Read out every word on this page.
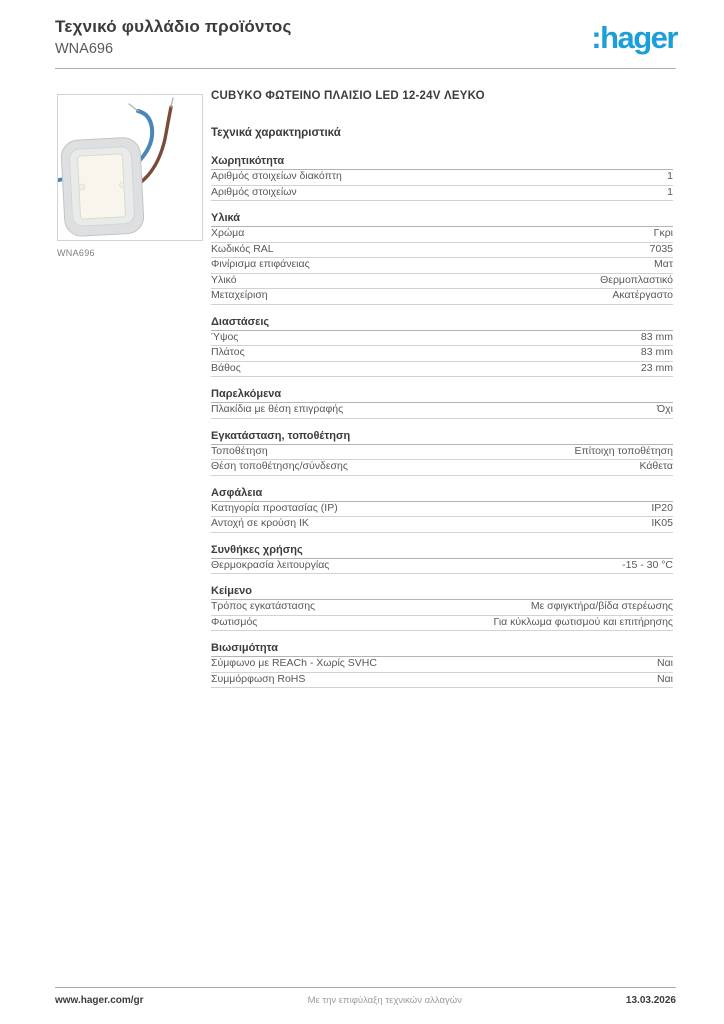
Τεχνικό φυλλάδιο προϊόντος
WNA696	:hager
WNA696
CUBYKO ΦΩΤΕΙΝΟ ΠΛΑΙΣΙΟ LED 12-24V ΛΕΥΚΟ
Τεχνικά χαρακτηριστικά
Χωρητικότητα
Αριθμός στοιχείων διακόπτη	1
Αριθμός στοιχείων	1
Υλικά
Χρώμα	Γκρι
Κωδικός RAL	7035
Φινίρισμα επιφάνειας	Ματ
Υλικό	Θερμοπλαστικό
Μεταχείριση	Ακατέργαστο
Διαστάσεις
Ύψος	83 mm
Πλάτος	83 mm
Βάθος	23 mm
Παρελκόμενα
Πλακίδια με θέση επιγραφής	Όχι
Εγκατάσταση, τοποθέτηση
Τοποθέτηση	Επίτοιχη τοποθέτηση
Θέση τοποθέτησης/σύνδεσης	Κάθετα
Ασφάλεια
Κατηγορία προστασίας (IP)	IP20
Αντοχή σε κρούση ΙΚ	IK05
Συνθήκες χρήσης
Θερμοκρασία λειτουργίας	-15 - 30 °C
Κείμενο
Τρόπος εγκατάστασης	Με σφιγκτήρα/βίδα στερέωσης
Φωτισμός	Για κύκλωμα φωτισμού και επιτήρησης
Βιωσιμότητα
Σύμφωνο με REACh - Χωρίς SVHC	Ναι
Συμμόρφωση RoHS	Ναι
www.hager.com/gr	Με την επιφύλαξη τεχνικών αλλαγών	13.03.2026
